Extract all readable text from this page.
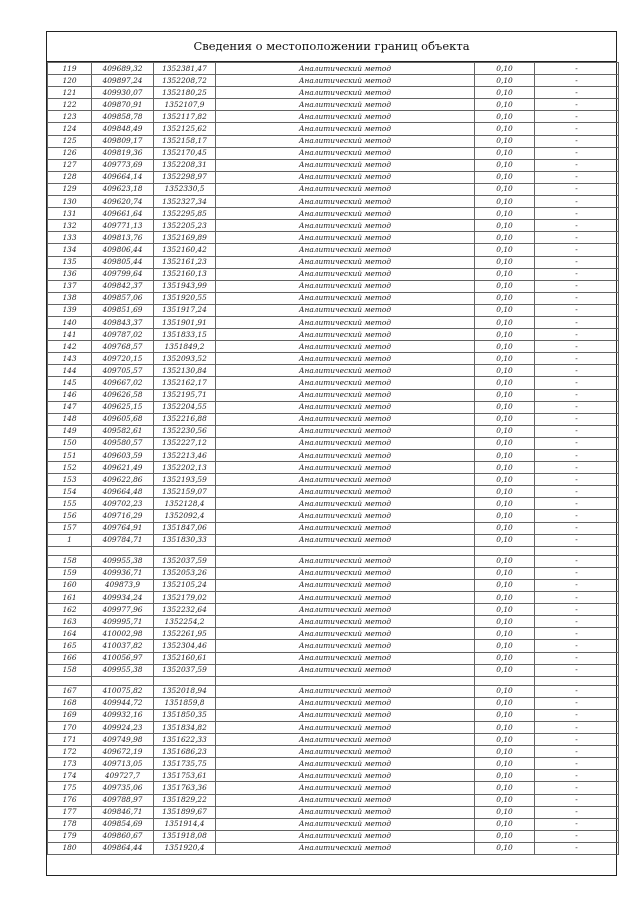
Сведения о местоположении границ объекта
119	409689,32	1352381,47	Аналитический метод	0,10	-
120	409897,24	1352208,72	Аналитический метод	0,10	-
121	409930,07	1352180,25	Аналитический метод	0,10	-
122	409870,91	1352107,9	Аналитический метод	0,10	-
123	409858,78	1352117,82	Аналитический метод	0,10	-
124	409848,49	1352125,62	Аналитический метод	0,10	-
125	409809,17	1352158,17	Аналитический метод	0,10	-
126	409819,36	1352170,45	Аналитический метод	0,10	-
127	409773,69	1352208,31	Аналитический метод	0,10	-
128	409664,14	1352298,97	Аналитический метод	0,10	-
129	409623,18	1352330,5	Аналитический метод	0,10	-
130	409620,74	1352327,34	Аналитический метод	0,10	-
131	409661,64	1352295,85	Аналитический метод	0,10	-
132	409771,13	1352205,23	Аналитический метод	0,10	-
133	409813,76	1352169,89	Аналитический метод	0,10	-
134	409806,44	1352160,42	Аналитический метод	0,10	-
135	409805,44	1352161,23	Аналитический метод	0,10	-
136	409799,64	1352160,13	Аналитический метод	0,10	-
137	409842,37	1351943,99	Аналитический метод	0,10	-
138	409857,06	1351920,55	Аналитический метод	0,10	-
139	409851,69	1351917,24	Аналитический метод	0,10	-
140	409843,37	1351901,91	Аналитический метод	0,10	-
141	409787,02	1351833,15	Аналитический метод	0,10	-
142	409768,57	1351849,2	Аналитический метод	0,10	-
143	409720,15	1352093,52	Аналитический метод	0,10	-
144	409705,57	1352130,84	Аналитический метод	0,10	-
145	409667,02	1352162,17	Аналитический метод	0,10	-
146	409626,58	1352195,71	Аналитический метод	0,10	-
147	409625,15	1352204,55	Аналитический метод	0,10	-
148	409605,68	1352216,88	Аналитический метод	0,10	-
149	409582,61	1352230,56	Аналитический метод	0,10	-
150	409580,57	1352227,12	Аналитический метод	0,10	-
151	409603,59	1352213,46	Аналитический метод	0,10	-
152	409621,49	1352202,13	Аналитический метод	0,10	-
153	409622,86	1352193,59	Аналитический метод	0,10	-
154	409664,48	1352159,07	Аналитический метод	0,10	-
155	409702,23	1352128,4	Аналитический метод	0,10	-
156	409716,29	1352092,4	Аналитический метод	0,10	-
157	409764,91	1351847,06	Аналитический метод	0,10	-
1	409784,71	1351830,33	Аналитический метод	0,10	-

158	409955,38	1352037,59	Аналитический метод	0,10	-
159	409936,71	1352053,26	Аналитический метод	0,10	-
160	409873,9	1352105,24	Аналитический метод	0,10	-
161	409934,24	1352179,02	Аналитический метод	0,10	-
162	409977,96	1352232,64	Аналитический метод	0,10	-
163	409995,71	1352254,2	Аналитический метод	0,10	-
164	410002,98	1352261,95	Аналитический метод	0,10	-
165	410037,82	1352304,46	Аналитический метод	0,10	-
166	410056,97	1352160,61	Аналитический метод	0,10	-
158	409955,38	1352037,59	Аналитический метод	0,10	-

167	410075,82	1352018,94	Аналитический метод	0,10	-
168	409944,72	1351859,8	Аналитический метод	0,10	-
169	409932,16	1351850,35	Аналитический метод	0,10	-
170	409924,23	1351834,82	Аналитический метод	0,10	-
171	409749,98	1351622,33	Аналитический метод	0,10	-
172	409672,19	1351686,23	Аналитический метод	0,10	-
173	409713,05	1351735,75	Аналитический метод	0,10	-
174	409727,7	1351753,61	Аналитический метод	0,10	-
175	409735,06	1351763,36	Аналитический метод	0,10	-
176	409788,97	1351829,22	Аналитический метод	0,10	-
177	409846,71	1351899,67	Аналитический метод	0,10	-
178	409854,69	1351914,4	Аналитический метод	0,10	-
179	409860,67	1351918,08	Аналитический метод	0,10	-
180	409864,44	1351920,4	Аналитический метод	0,10	-
